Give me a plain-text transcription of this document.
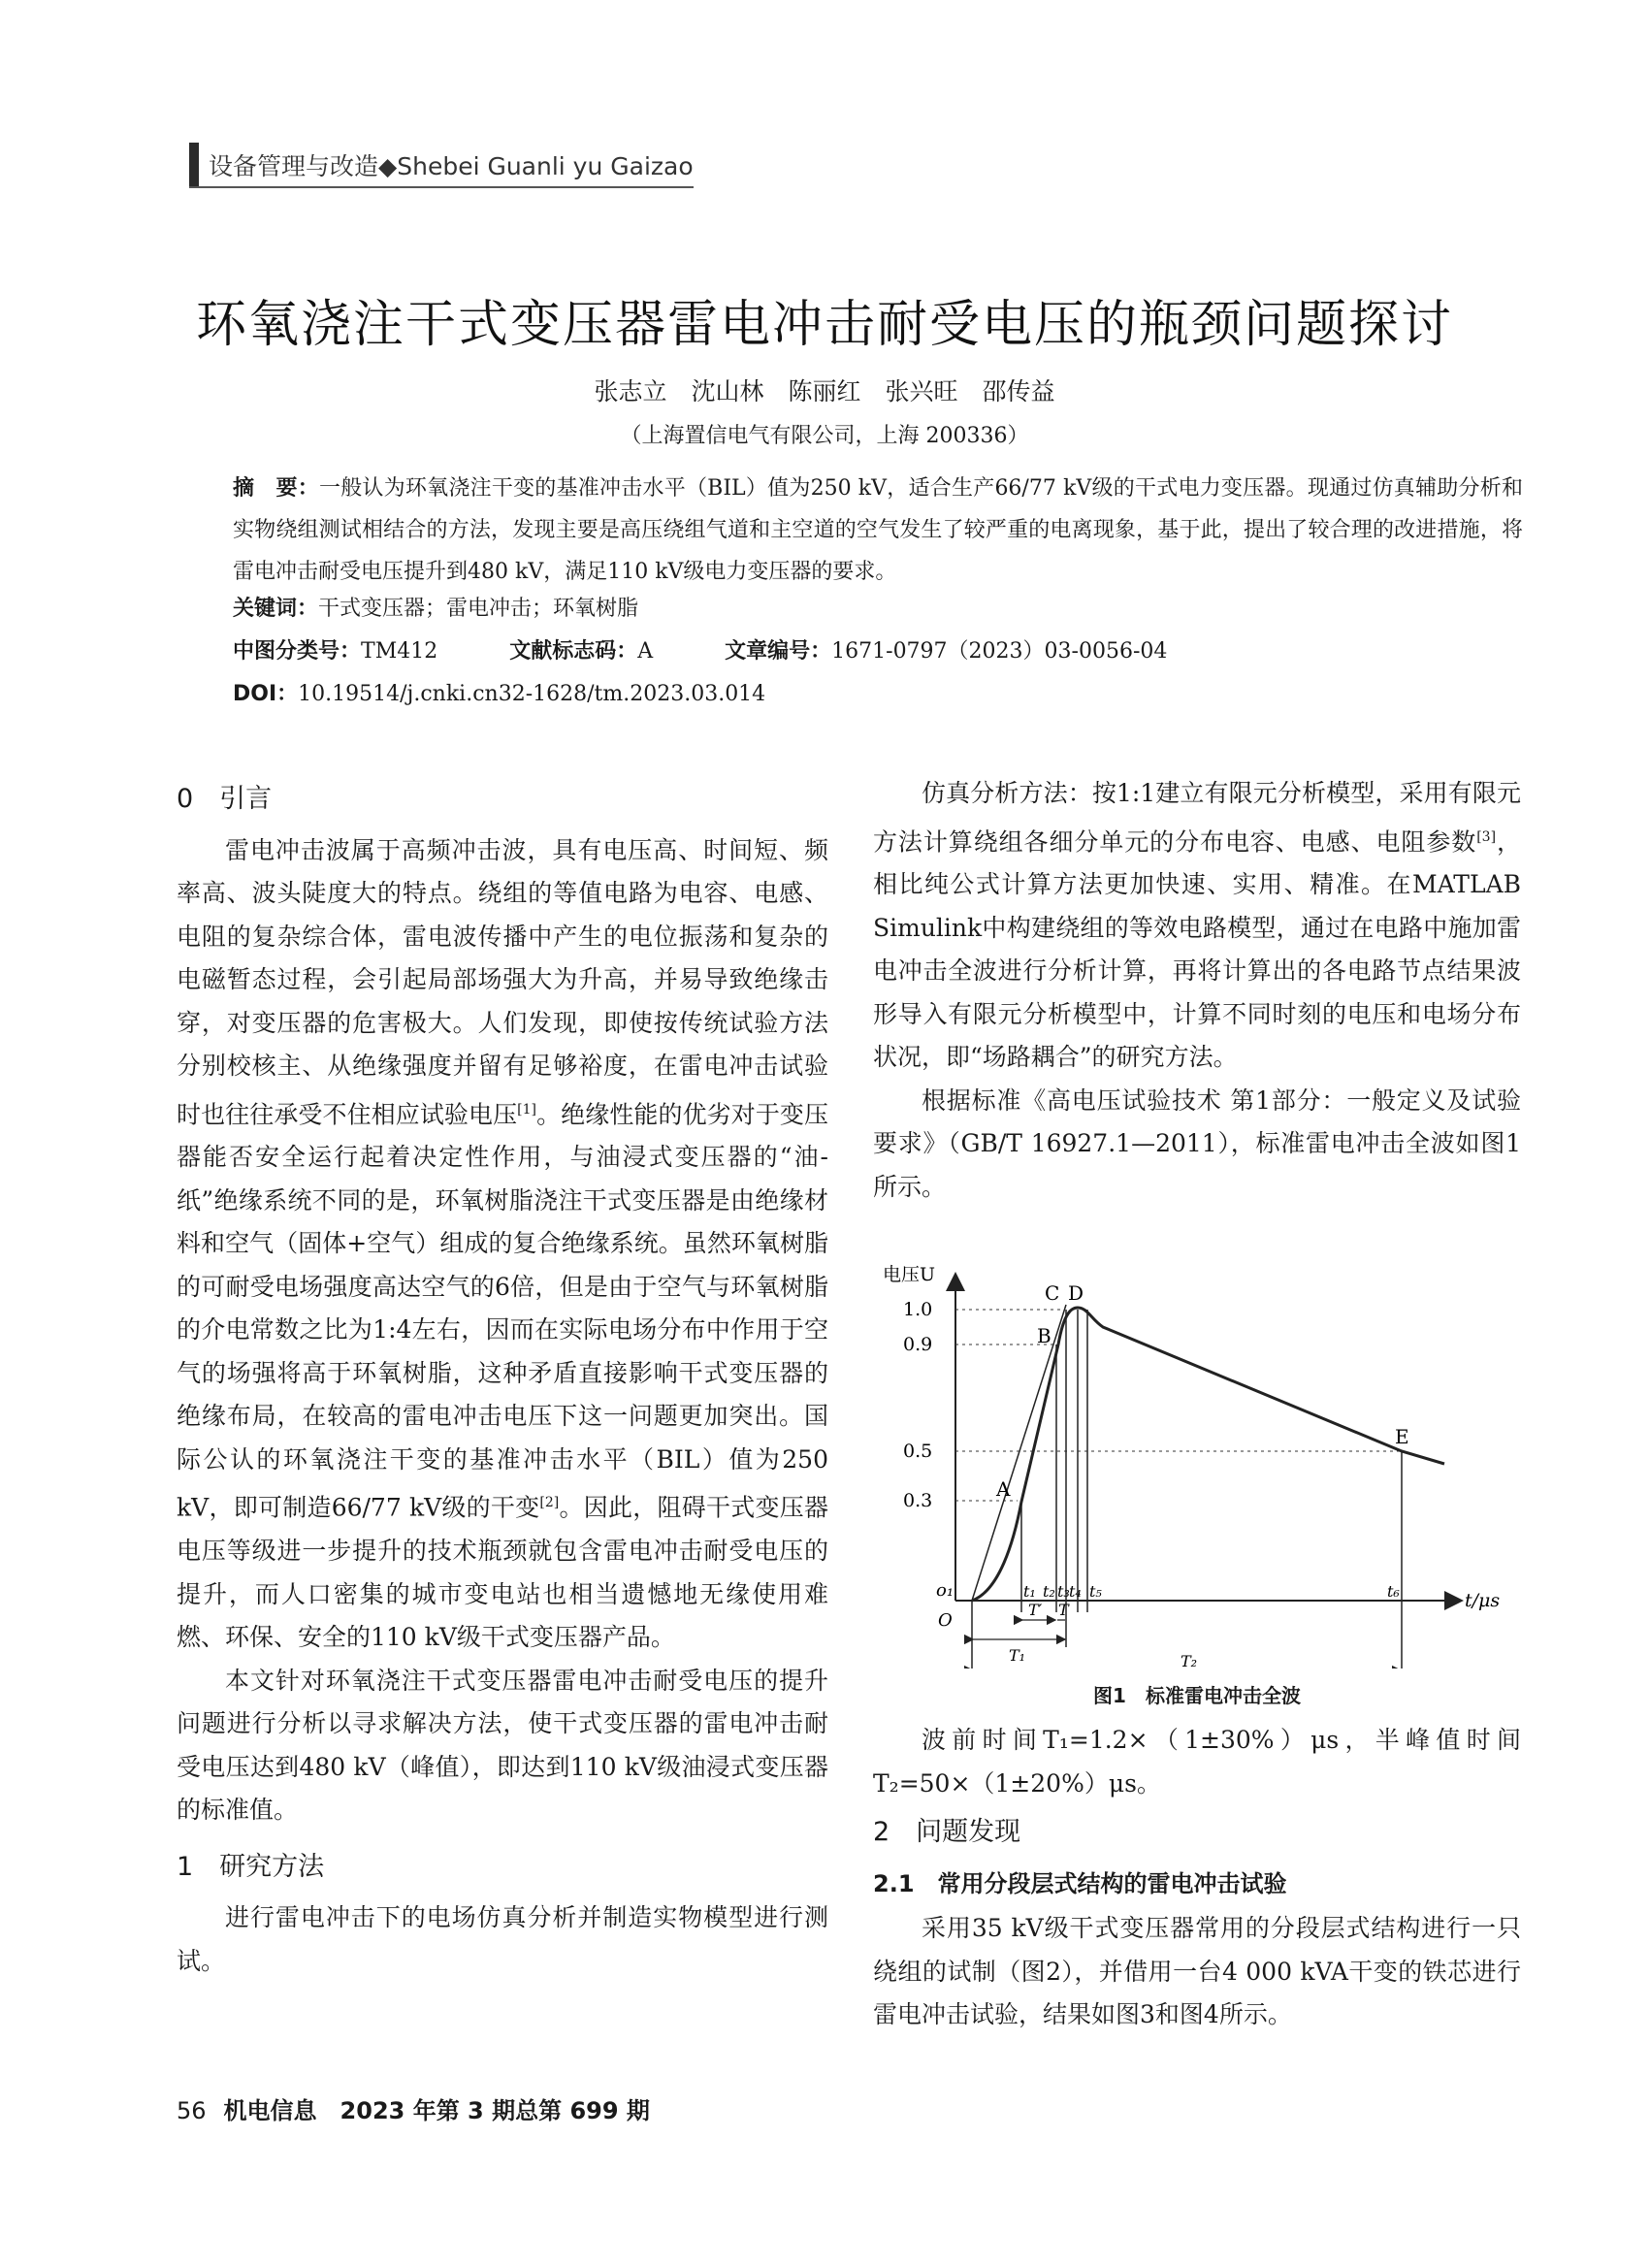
设备管理与改造◆Shebei Guanli yu Gaizao
环氧浇注干式变压器雷电冲击耐受电压的瓶颈问题探讨
张志立　沈山林　陈丽红　张兴旺　邵传益
（上海置信电气有限公司，上海 200336）
摘　要：一般认为环氧浇注干变的基准冲击水平（BIL）值为250 kV，适合生产66/77 kV级的干式电力变压器。现通过仿真辅助分析和实物绕组测试相结合的方法，发现主要是高压绕组气道和主空道的空气发生了较严重的电离现象，基于此，提出了较合理的改进措施，将雷电冲击耐受电压提升到480 kV，满足110 kV级电力变压器的要求。
关键词：干式变压器；雷电冲击；环氧树脂
中图分类号：TM412	文献标志码：A	文章编号：1671-0797（2023）03-0056-04
DOI：10.19514/j.cnki.cn32-1628/tm.2023.03.014

0　引言

雷电冲击波属于高频冲击波，具有电压高、时间短、频率高、波头陡度大的特点。绕组的等值电路为电容、电感、电阻的复杂综合体，雷电波传播中产生的电位振荡和复杂的电磁暂态过程，会引起局部场强大为升高，并易导致绝缘击穿，对变压器的危害极大。人们发现，即使按传统试验方法分别校核主、从绝缘强度并留有足够裕度，在雷电冲击试验时也往往承受不住相应试验电压[1]。绝缘性能的优劣对于变压器能否安全运行起着决定性作用，与油浸式变压器的“油-纸”绝缘系统不同的是，环氧树脂浇注干式变压器是由绝缘材料和空气（固体+空气）组成的复合绝缘系统。虽然环氧树脂的可耐受电场强度高达空气的6倍，但是由于空气与环氧树脂的介电常数之比为1:4左右，因而在实际电场分布中作用于空气的场强将高于环氧树脂，这种矛盾直接影响干式变压器的绝缘布局，在较高的雷电冲击电压下这一问题更加突出。国际公认的环氧浇注干变的基准冲击水平（BIL）值为250 kV，即可制造66/77 kV级的干变[2]。因此，阻碍干式变压器电压等级进一步提升的技术瓶颈就包含雷电冲击耐受电压的提升，而人口密集的城市变电站也相当遗憾地无缘使用难燃、环保、安全的110 kV级干式变压器产品。

本文针对环氧浇注干式变压器雷电冲击耐受电压的提升问题进行分析以寻求解决方法，使干式变压器的雷电冲击耐受电压达到480 kV（峰值），即达到110 kV级油浸式变压器的标准值。

1　研究方法

进行雷电冲击下的电场仿真分析并制造实物模型进行测试。

仿真分析方法：按1:1建立有限元分析模型，采用有限元方法计算绕组各细分单元的分布电容、电感、电阻参数[3]，相比纯公式计算方法更加快速、实用、精准。在MATLAB Simulink中构建绕组的等效电路模型，通过在电路中施加雷电冲击全波进行分析计算，再将计算出的各电路节点结果波形导入有限元分析模型中，计算不同时刻的电压和电场分布状况，即“场路耦合”的研究方法。

根据标准《高电压试验技术 第1部分：一般定义及试验要求》（GB/T 16927.1—2011），标准雷电冲击全波如图1所示。

电压U
t/μs
1.0
0.9
0.5
0.3	A
B
C D
E
o₁
O
t₁ t₂ t₃ t₄ t₅	t₆
T′ T
T₁	T₂
图1　标准雷电冲击全波

波前时间T₁=1.2×（1±30%）μs，半峰值时间T₂=50×（1±20%）μs。

2　问题发现

2.1　常用分段层式结构的雷电冲击试验

采用35 kV级干式变压器常用的分段层式结构进行一只绕组的试制（图2），并借用一台4 000 kVA干变的铁芯进行雷电冲击试验，结果如图3和图4所示。

56 机电信息　2023 年第 3 期总第 699 期
